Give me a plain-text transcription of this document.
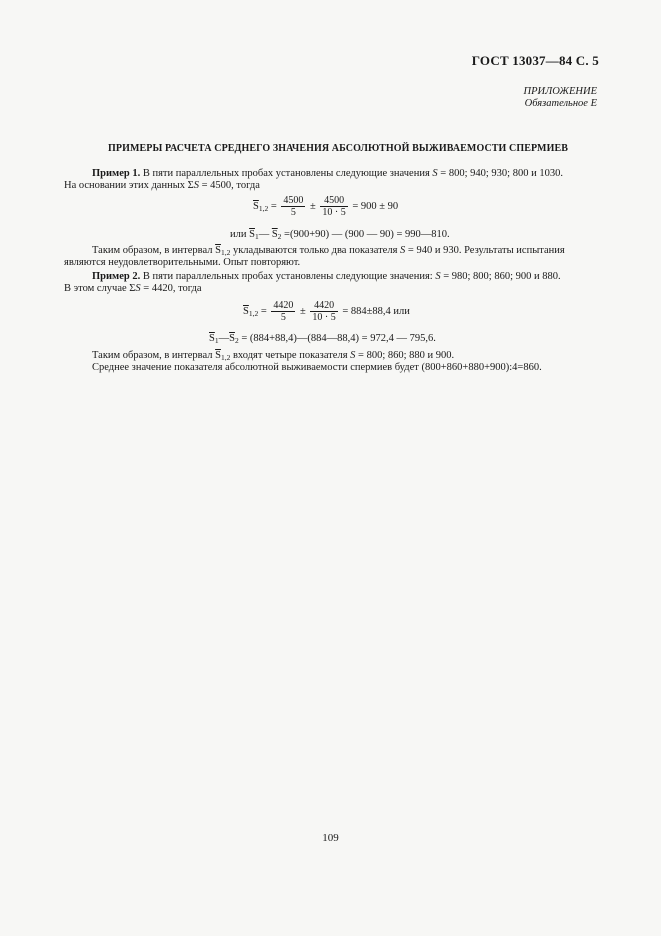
ГОСТ 13037—84 С. 5
ПРИЛОЖЕНИЕ
Обязательное Е
ПРИМЕРЫ РАСЧЕТА СРЕДНЕГО ЗНАЧЕНИЯ АБСОЛЮТНОЙ ВЫЖИВАЕМОСТИ СПЕРМИЕВ
Пример 1. В пяти параллельных пробах установлены следующие значения S = 800; 940; 930; 800 и 1030.
На основании этих данных ΣS = 4500, тогда
$\overline{S}_{1,2} = \frac{4500}{5} \pm \frac{4500}{10 \cdot 5} = 900 \pm 90$
или $\overline{S}_1—$ $\overline{S}_2 =(900+90)$ — (900 — 90) = 990—810.
Таким образом, в интервал $\overline{S}_{1,2}$ укладываются только два показателя S = 940 и 930. Результаты испытания
являются неудовлетворительными. Опыт повторяют.
Пример 2. В пяти параллельных пробах установлены следующие значения: S = 980; 800; 860; 900 и 880.
В этом случае ΣS = 4420, тогда
$\overline{S}_{1,2} = \frac{4420}{5} \pm \frac{4420}{10 \cdot 5} = 884\pm 88,4$ или
$\overline{S}_1—\overline{S}_2$ = (884+88,4)—(884—88,4) = 972,4 — 795,6.
Таким образом, в интервал $\overline{S}_{1,2}$ входят четыре показателя S = 800; 860; 880 и 900.
Среднее значение показателя абсолютной выживаемости спермиев будет (800+860+880+900):4=860.
109
